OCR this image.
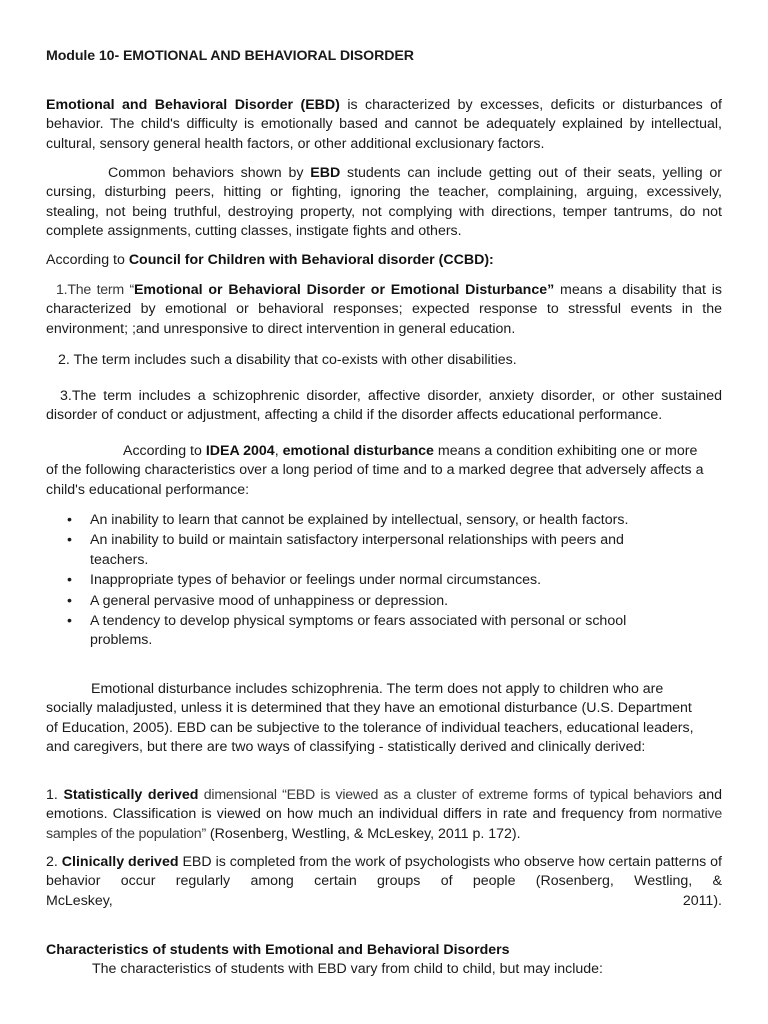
Module 10- EMOTIONAL AND BEHAVIORAL DISORDER

Emotional and Behavioral Disorder (EBD) is characterized by excesses, deficits or disturbances of behavior. The child's difficulty is emotionally based and cannot be adequately explained by intellectual, cultural, sensory general health factors, or other additional exclusionary factors.

Common behaviors shown by EBD students can include getting out of their seats, yelling or cursing, disturbing peers, hitting or fighting, ignoring the teacher, complaining, arguing, excessively, stealing, not being truthful, destroying property, not complying with directions, temper tantrums, do not complete assignments, cutting classes, instigate fights and others.

According to Council for Children with Behavioral disorder (CCBD):

1.The term “Emotional or Behavioral Disorder or Emotional Disturbance” means a disability that is characterized by emotional or behavioral responses; expected response to stressful events in the environment; ;and unresponsive to direct intervention in general education.

2. The term includes such a disability that co-exists with other disabilities.

3.The term includes a schizophrenic disorder, affective disorder, anxiety disorder, or other sustained disorder of conduct or adjustment, affecting a child if the disorder affects educational performance.

According to IDEA 2004, emotional disturbance means a condition exhibiting one or more of the following characteristics over a long period of time and to a marked degree that adversely affects a child's educational performance:

• An inability to learn that cannot be explained by intellectual, sensory, or health factors.
• An inability to build or maintain satisfactory interpersonal relationships with peers and teachers.
• Inappropriate types of behavior or feelings under normal circumstances.
• A general pervasive mood of unhappiness or depression.
• A tendency to develop physical symptoms or fears associated with personal or school problems.

Emotional disturbance includes schizophrenia. The term does not apply to children who are socially maladjusted, unless it is determined that they have an emotional disturbance (U.S. Department of Education, 2005). EBD can be subjective to the tolerance of individual teachers, educational leaders, and caregivers, but there are two ways of classifying - statistically derived and clinically derived:

1. Statistically derived dimensional “EBD is viewed as a cluster of extreme forms of typical behaviors and emotions. Classification is viewed on how much an individual differs in rate and frequency from normative samples of the population” (Rosenberg, Westling, & McLeskey, 2011 p. 172).

2. Clinically derived EBD is completed from the work of psychologists who observe how certain patterns of behavior occur regularly among certain groups of people (Rosenberg, Westling, &

McLeskey,	2011).

Characteristics of students with Emotional and Behavioral Disorders

The characteristics of students with EBD vary from child to child, but may include:
